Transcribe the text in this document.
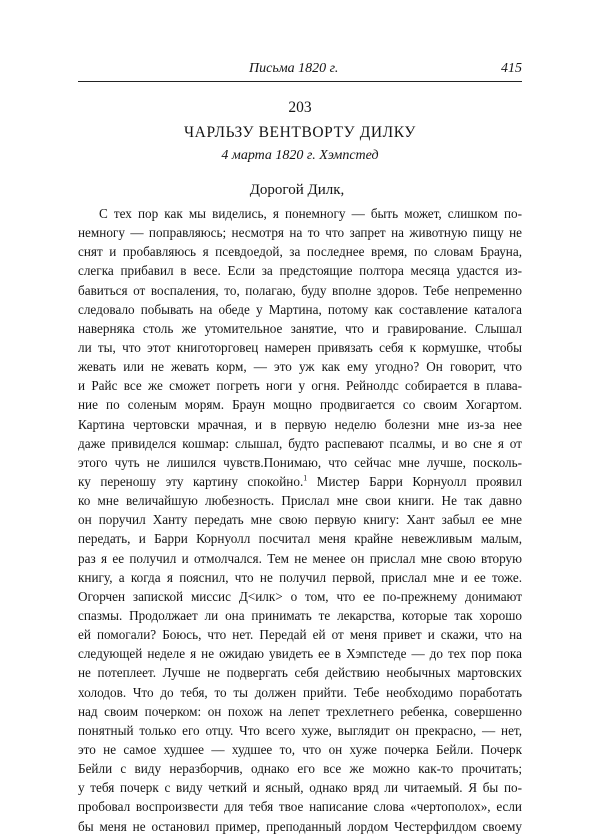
Письма 1820 г.	415
203
ЧАРЛЬЗУ ВЕНТВОРТУ ДИЛКУ
4 марта 1820 г. Хэмпстед
Дорогой Дилк,
С тех пор как мы виделись, я понемногу — быть может, слишком по-
немногу — поправляюсь; несмотря на то что запрет на животную пищу не
снят и пробавляюсь я псевдоедой, за последнее время, по словам Брауна,
слегка прибавил в весе. Если за предстоящие полтора месяца удастся из-
бавиться от воспаления, то, полагаю, буду вполне здоров. Тебе непременно
следовало побывать на обеде у Мартина, потому как составление каталога
наверняка столь же утомительное занятие, что и гравирование. Слышал
ли ты, что этот книготорговец намерен привязать себя к кормушке, чтобы
жевать или не жевать корм, — это уж как ему угодно? Он говорит, что
и Райс все же сможет погреть ноги у огня. Рейнолдс собирается в плава-
ние по соленым морям. Браун мощно продвигается со своим Хогартом.
Картина чертовски мрачная, и в первую неделю болезни мне из-за нее
даже привиделся кошмар: слышал, будто распевают псалмы, и во сне я от
этого чуть не лишился чувств.Понимаю, что сейчас мне лучше, посколь-
ку переношу эту картину спокойно.$^1$ Мистер Барри Корнуолл проявил
ко мне величайшую любезность. Прислал мне свои книги. Не так давно
он поручил Ханту передать мне свою первую книгу: Хант забыл ее мне
передать, и Барри Корнуолл посчитал меня крайне невежливым малым,
раз я ее получил и отмолчался. Тем не менее он прислал мне свою вторую
книгу, а когда я пояснил, что не получил первой, прислал мне и ее тоже.
Огорчен запиской миссис Д<илк> о том, что ее по-прежнему донимают
спазмы. Продолжает ли она принимать те лекарства, которые так хорошо
ей помогали? Боюсь, что нет. Передай ей от меня привет и скажи, что на
следующей неделе я не ожидаю увидеть ее в Хэмпстеде — до тех пор пока
не потеплеет. Лучше не подвергать себя действию необычных мартовских
холодов. Что до тебя, то ты должен прийти. Тебе необходимо поработать
над своим почерком: он похож на лепет трехлетнего ребенка, совершенно
понятный только его отцу. Что всего хуже, выглядит он прекрасно, — нет,
это не самое худшее — худшее то, что он хуже почерка Бейли. Почерк
Бейли с виду неразборчив, однако его все же можно как-то прочитать;
у тебя почерк с виду четкий и ясный, однако вряд ли читаемый. Я бы по-
пробовал воспроизвести для тебя твое написание слова «чертополох», если
бы меня не остановил пример, преподанный лордом Честерфилдом своему
